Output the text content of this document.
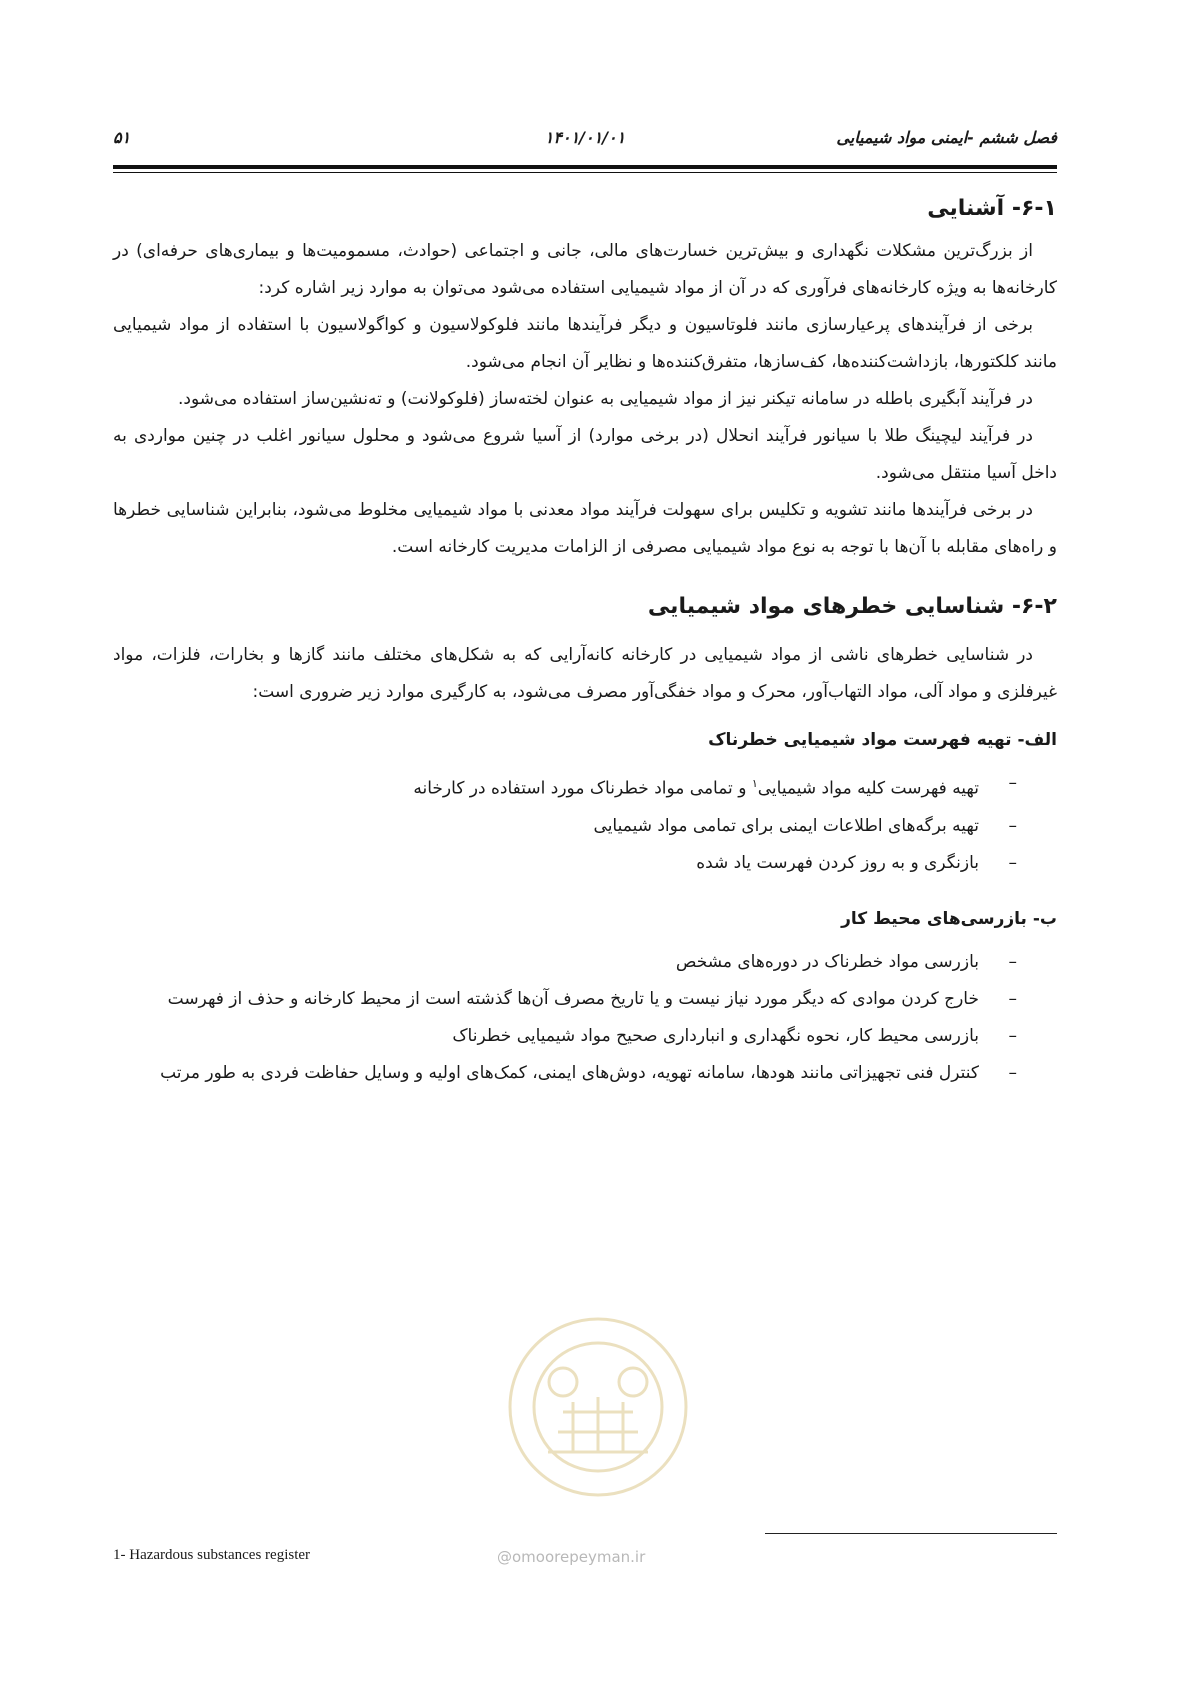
فصل ششم -ایمنی مواد شیمیایی
۱۴۰۱/۰۱/۰۱
۵۱
۶-۱- آشنایی

از بزرگ‌ترین مشکلات نگهداری و بیش‌ترین خسارت‌های مالی، جانی و اجتماعی (حوادث، مسمومیت‌ها و بیماری‌های حرفه‌ای) در کارخانه‌ها به ویژه کارخانه‌های فرآوری که در آن از مواد شیمیایی استفاده می‌شود می‌توان به موارد زیر اشاره کرد:

برخی از فرآیندهای پرعیارسازی مانند فلوتاسیون و دیگر فرآیندها مانند فلوکولاسیون و کواگولاسیون با استفاده از مواد شیمیایی مانند کلکتورها، بازداشت‌کننده‌ها، کف‌سازها، متفرق‌کننده‌ها و نظایر آن انجام می‌شود.

در فرآیند آبگیری باطله در سامانه تیکنر نیز از مواد شیمیایی به عنوان لخته‌ساز (فلوکولانت) و ته‌نشین‌ساز استفاده می‌شود.

در فرآیند لیچینگ طلا با سیانور فرآیند انحلال (در برخی موارد) از آسیا شروع می‌شود و محلول سیانور اغلب در چنین مواردی به داخل آسیا منتقل می‌شود.

در برخی فرآیندها مانند تشویه و تکلیس برای سهولت فرآیند مواد معدنی با مواد شیمیایی مخلوط می‌شود، بنابراین شناسایی خطرها و راه‌های مقابله با آن‌ها با توجه به نوع مواد شیمیایی مصرفی از الزامات مدیریت کارخانه است.

۶-۲- شناسایی خطرهای مواد شیمیایی

در شناسایی خطرهای ناشی از مواد شیمیایی در کارخانه کانه‌آرایی که به شکل‌های مختلف مانند گازها و بخارات، فلزات، مواد غیرفلزی و مواد آلی، مواد التهاب‌آور، محرک و مواد خفگی‌آور مصرف می‌شود، به کارگیری موارد زیر ضروری است:

الف- تهیه فهرست مواد شیمیایی خطرناک
–
تهیه فهرست کلیه مواد شیمیایی$^۱$ و تمامی مواد خطرناک مورد استفاده در کارخانه
–
تهیه برگه‌های اطلاعات ایمنی برای تمامی مواد شیمیایی
–
بازنگری و به روز کردن فهرست یاد شده
ب- بازرسی‌های محیط کار
–
بازرسی مواد خطرناک در دوره‌های مشخص
–
خارج کردن موادی که دیگر مورد نیاز نیست و یا تاریخ مصرف آن‌ها گذشته است از محیط کارخانه و حذف از فهرست
–
بازرسی محیط کار، نحوه نگهداری و انبارداری صحیح مواد شیمیایی خطرناک
–
کنترل فنی تجهیزاتی مانند هودها، سامانه تهویه، دوش‌های ایمنی، کمک‌های اولیه و وسایل حفاظت فردی به طور مرتب
@omoorepeyman.ir
1- Hazardous substances register
